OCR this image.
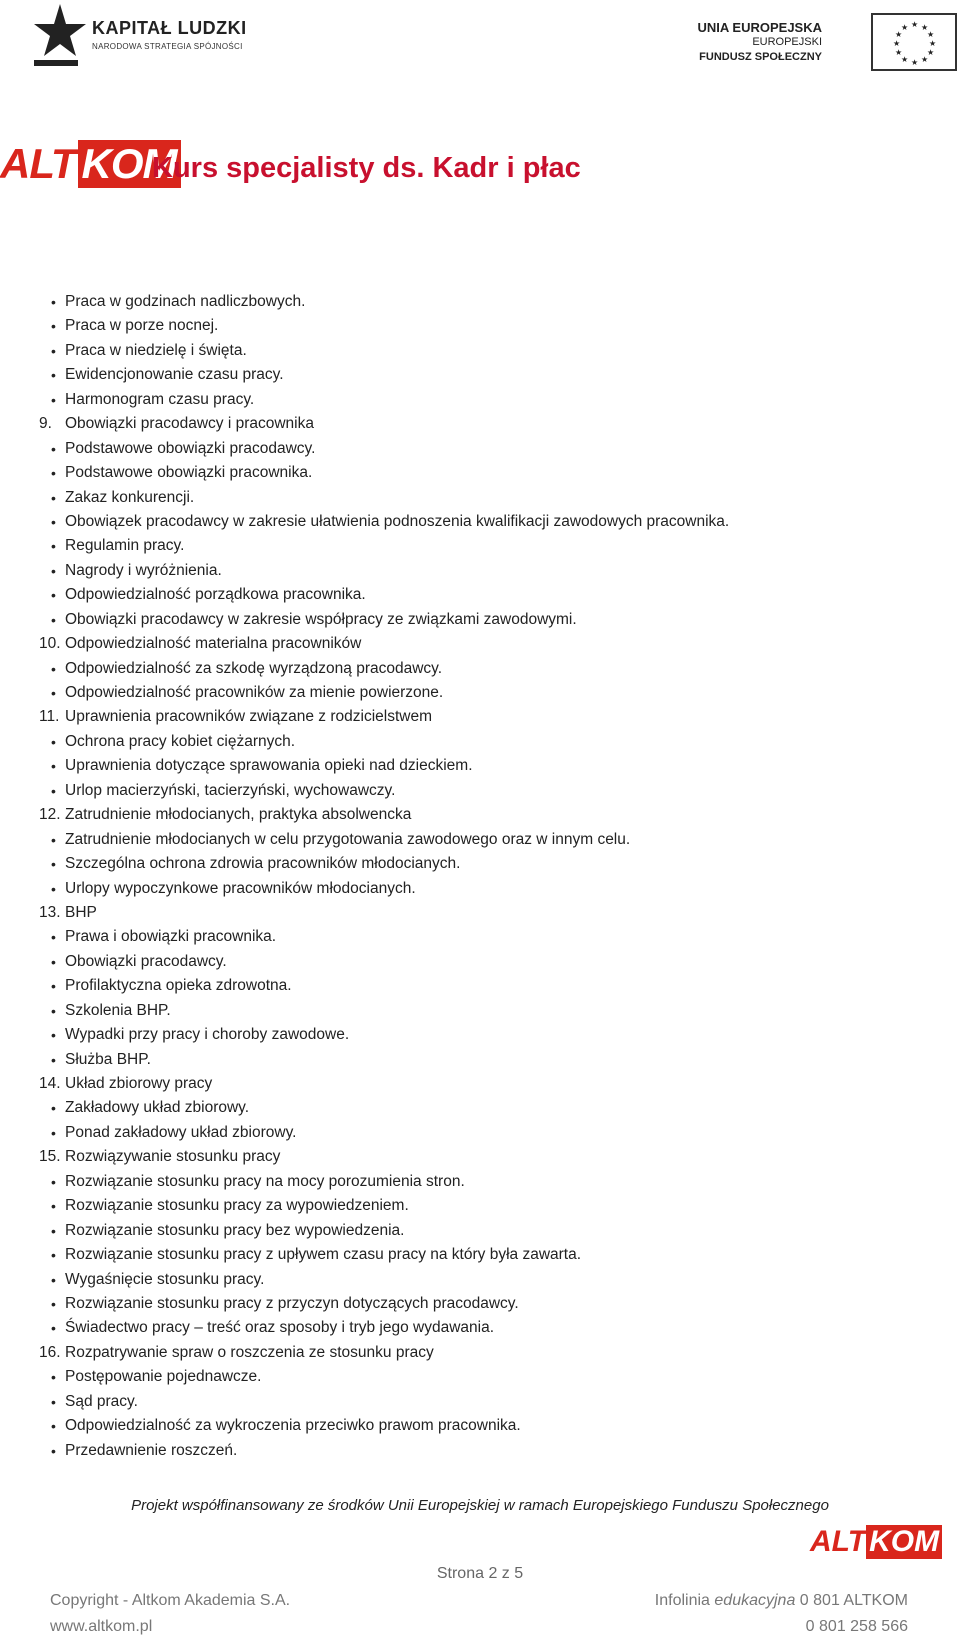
KAPITAŁ LUDZKI
NARODOWA STRATEGIA SPÓJNOŚCI
UNIA EUROPEJSKA
EUROPEJSKI
FUNDUSZ SPOŁECZNY
★ ★
★
★
★
★
★
★
★
★
★
★
ALT KOM
Kurs specjalisty ds. Kadr i płac
• Praca w godzinach nadliczbowych.
• Praca w porze nocnej.
• Praca w niedzielę i święta.
• Ewidencjonowanie czasu pracy.
• Harmonogram czasu pracy.
9. Obowiązki pracodawcy i pracownika
• Podstawowe obowiązki pracodawcy.
• Podstawowe obowiązki pracownika.
• Zakaz konkurencji.
• Obowiązek pracodawcy w zakresie ułatwienia podnoszenia kwalifikacji zawodowych pracownika.
• Regulamin pracy.
• Nagrody i wyróżnienia.
• Odpowiedzialność porządkowa pracownika.
• Obowiązki pracodawcy w zakresie współpracy ze związkami zawodowymi.
10. Odpowiedzialność materialna pracowników
• Odpowiedzialność za szkodę wyrządzoną pracodawcy.
• Odpowiedzialność pracowników za mienie powierzone.
11. Uprawnienia pracowników związane z rodzicielstwem
• Ochrona pracy kobiet ciężarnych.
• Uprawnienia dotyczące sprawowania opieki nad dzieckiem.
• Urlop macierzyński, tacierzyński, wychowawczy.
12. Zatrudnienie młodocianych, praktyka absolwencka
• Zatrudnienie młodocianych w celu przygotowania zawodowego oraz w innym celu.
• Szczególna ochrona zdrowia pracowników młodocianych.
• Urlopy wypoczynkowe pracowników młodocianych.
13. BHP
• Prawa i obowiązki pracownika.
• Obowiązki pracodawcy.
• Profilaktyczna opieka zdrowotna.
• Szkolenia BHP.
• Wypadki przy pracy i choroby zawodowe.
• Służba BHP.
14. Układ zbiorowy pracy
• Zakładowy układ zbiorowy.
• Ponad zakładowy układ zbiorowy.
15. Rozwiązywanie stosunku pracy
• Rozwiązanie stosunku pracy na mocy porozumienia stron.
• Rozwiązanie stosunku pracy za wypowiedzeniem.
• Rozwiązanie stosunku pracy bez wypowiedzenia.
• Rozwiązanie stosunku pracy z upływem czasu pracy na który była zawarta.
• Wygaśnięcie stosunku pracy.
• Rozwiązanie stosunku pracy z przyczyn dotyczących pracodawcy.
• Świadectwo pracy – treść oraz sposoby i tryb jego wydawania.
16. Rozpatrywanie spraw o roszczenia ze stosunku pracy
• Postępowanie pojednawcze.
• Sąd pracy.
• Odpowiedzialność za wykroczenia przeciwko prawom pracownika.
• Przedawnienie roszczeń.
Projekt współfinansowany ze środków Unii Europejskiej w ramach Europejskiego Funduszu Społecznego
ALT KOM
Strona 2 z 5
Copyright - Altkom Akademia S.A.
www.altkom.pl
Infolinia edukacyjna 0 801 ALTKOM
0 801 258 566
